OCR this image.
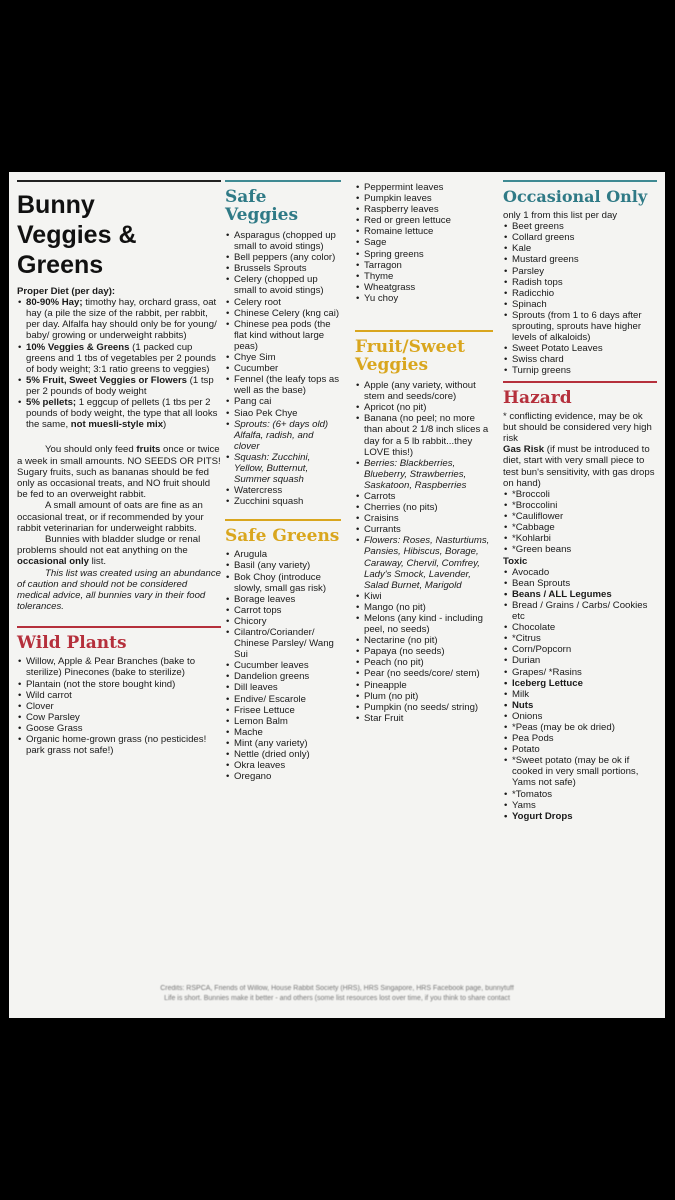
Bunny
Veggies &
Greens

Proper Diet (per day):

• 80-90% Hay; timothy hay, orchard grass, oat hay (a pile the size of the rabbit, per rabbit, per day. Alfalfa hay should only be for young/ baby/ growing or underweight rabbits)
• 10% Veggies & Greens (1 packed cup greens and 1 tbs of vegetables per 2 pounds of body weight; 3:1 ratio greens to veggies)
• 5% Fruit, Sweet Veggies or Flowers (1 tsp per 2 pounds of body weight
• 5% pellets; 1 eggcup of pellets (1 tbs per 2 pounds of body weight, the type that all looks the same, not muesli-style mix)

You should only feed fruits once or twice a week in small amounts. NO SEEDS OR PITS! Sugary fruits, such as bananas should be fed only as occasional treats, and NO fruit should be fed to an overweight rabbit.

A small amount of oats are fine as an occasional treat, or if recommended by your rabbit veterinarian for underweight rabbits.

Bunnies with bladder sludge or renal problems should not eat anything on the occasional only list.

This list was created using an abundance of caution and should not be considered medical advice, all bunnies vary in their food tolerances.

Wild Plants
• Willow, Apple & Pear Branches (bake to sterilize) Pinecones (bake to sterilize)
• Plantain (not the store bought kind)
• Wild carrot
• Clover
• Cow Parsley
• Goose Grass
• Organic home-grown grass (no pesticides! park grass not safe!)
Safe
Veggies
• Asparagus (chopped up small to avoid stings)
• Bell peppers (any color)
• Brussels Sprouts
• Celery (chopped up small to avoid stings)
• Celery root
• Chinese Celery (kng cai)
• Chinese pea pods (the flat kind without large peas)
• Chye Sim
• Cucumber
• Fennel (the leafy tops as well as the base)
• Pang cai
• Siao Pek Chye
• Sprouts: (6+ days old) Alfalfa, radish, and clover
• Squash: Zucchini, Yellow, Butternut, Summer squash
• Watercress
• Zucchini squash
Safe Greens
• Arugula
• Basil (any variety)
• Bok Choy (introduce slowly, small gas risk)
• Borage leaves
• Carrot tops
• Chicory
• Cilantro/Coriander/ Chinese Parsley/ Wang Sui
• Cucumber leaves
• Dandelion greens
• Dill leaves
• Endive/ Escarole
• Frisee Lettuce
• Lemon Balm
• Mache
• Mint (any variety)
• Nettle (dried only)
• Okra leaves
• Oregano
• Peppermint leaves
• Pumpkin leaves
• Raspberry leaves
• Red or green lettuce
• Romaine lettuce
• Sage
• Spring greens
• Tarragon
• Thyme
• Wheatgrass
• Yu choy
Fruit/Sweet
Veggies
• Apple (any variety, without stem and seeds/core)
• Apricot (no pit)
• Banana (no peel; no more than about 2 1/8 inch slices a day for a 5 lb rabbit...they LOVE this!)
• Berries: Blackberries, Blueberry, Strawberries, Saskatoon, Raspberries
• Carrots
• Cherries (no pits)
• Craisins
• Currants
• Flowers: Roses, Nasturtiums, Pansies, Hibiscus, Borage, Caraway, Chervil, Comfrey, Lady's Smock, Lavender, Salad Burnet, Marigold
• Kiwi
• Mango (no pit)
• Melons (any kind - including peel, no seeds)
• Nectarine (no pit)
• Papaya (no seeds)
• Peach (no pit)
• Pear (no seeds/core/ stem)
• Pineapple
• Plum (no pit)
• Pumpkin (no seeds/ string)
• Star Fruit
Occasional Only

only 1 from this list per day

• Beet greens
• Collard greens
• Kale
• Mustard greens
• Parsley
• Radish tops
• Radicchio
• Spinach
• Sprouts (from 1 to 6 days after sprouting, sprouts have higher levels of alkaloids)
• Sweet Potato Leaves
• Swiss chard
• Turnip greens
Hazard

* conflicting evidence, may be ok but should be considered very high risk

Gas Risk (if must be introduced to diet, start with very small piece to test bun's sensitivity, with gas drops on hand)

• *Broccoli
• *Broccolini
• *Cauliflower
• *Cabbage
• *Kohlarbi
• *Green beans

Toxic

• Avocado
• Bean Sprouts
• Beans / ALL Legumes
• Bread / Grains / Carbs/ Cookies etc
• Chocolate
• *Citrus
• Corn/Popcorn
• Durian
• Grapes/ *Rasins
• Iceberg Lettuce
• Milk
• Nuts
• Onions
• *Peas (may be ok dried)
• Pea Pods
• Potato
• *Sweet potato (may be ok if cooked in very small portions, Yams not safe)
• *Tomatos
• Yams
• Yogurt Drops
Credits: RSPCA, Friends of Willow, House Rabbit Society (HRS), HRS Singapore, HRS Facebook page, bunnytuff
Life is short. Bunnies make it better - and others (some list resources lost over time, if you think to share contact
